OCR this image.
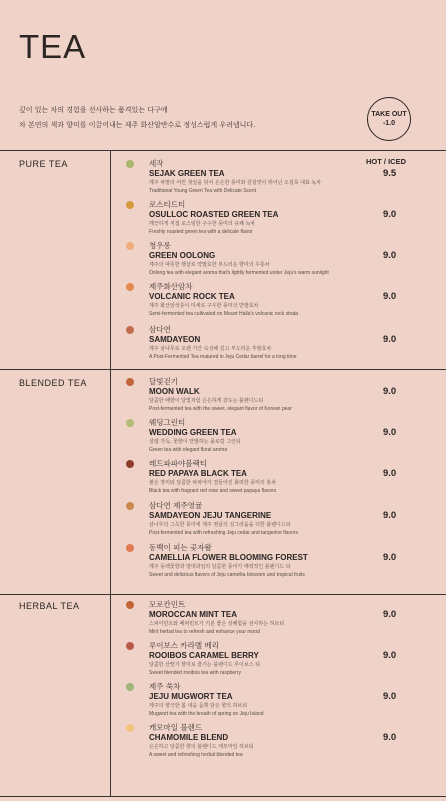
TEA
깊이 있는 차의 경험을 선사하는 품격있는 다구에
차 본연의 색과 향미를 이끌어내는 제주 화산암반수로 정성스럽게 우려냅니다.
TAKE OUT
-1.0
PURE TEA
BLENDED TEA
HERBAL TEA
HOT / ICED
세작
SEJAK GREEN TEA
제주 차밭의 어린 첫잎을 덖어 은은한 풍미와 감칠맛이 뛰어난 오설록 대표 녹차
Traditional Young Green Tea with Delicate Scent
9.5
로스티드티
OSULLOC ROASTED GREEN TEA
깨끗하게 직접 로스팅한 구수한 풍미의 유쾌 녹차
Freshly roasted green tea with a delicate flavor
9.0
청우롱
GREEN OOLONG
제주의 따뜻한 햇살로 약발효한 부드러운 향미의 우롱차
Oolong tea with elegant aroma that's lightly fermented under Jeju's warm sunlight
9.0
제주화산암차
VOLCANIC ROCK TEA
제주 화산암석층이 미세로 구우한 풍미의 반발효차
Semi-fermented tea cultivated on Mount Halla's volcanic rock strata
9.0
삼다연
SAMDAYEON
제주 삼나무로 오랜 기간 숙성해 깊고 부드러운 후발효차
A Post-Fermented Tea matured in Jeju Cedar barrel for a long time
9.0
달빛걷기
MOON WALK
달콤한 배향이 달빛처럼 은은하게 감도는 블렌디드티
Post-fermented tea with the sweet, elegant flavor of Korean pear
9.0
웨딩그린티
WEDDING GREEN TEA
설렘 가득, 꽃향이 만발하는 플로럴 그린티
Green tea with elegant floral aroma
9.0
레드파파야블랙티
RED PAPAYA BLACK TEA
붉은 장미와 달콤한 파파야가 결들어진 화려한 풍미의 홍차
Black tea with fragrant red rose and sweet papaya flavors
9.0
삼다연 제주영귤
SAMDAYEON JEJU TANGERINE
삼나무의 그윽한 풍미에 제주 영귤의 싱그러움을 더한 블렌디드티
Post-fermented tea with refreshing Jeju cedar and tangerine flavors
9.0
동백이 피는 곶자왈
CAMELLIA FLOWER BLOOMING FOREST
제주 동백꽃향과 열대과일의 달콤한 풍미가 매력적인 블렌디드 티
Sweet and delicious flavors of Jeju camellia blossom and tropical fruits
9.0
모로칸민트
MOROCCAN MINT TEA
스피아민트와 페퍼민트가 기분 좋은 상쾌함을 선사하는 허브티
Mint herbal tea to refresh and enhance your mood
9.0
루이보스 카라멜 베리
ROOIBOS CARAMEL BERRY
달콤한 산딸기 향미로 즐기는 블렌디드 루이보스 티
Sweet blended rooibos tea with raspberry
9.0
제주 쑥차
JEJU MUGWORT TEA
제주의 향긋한 봄 내음 듬뿍 담은 향의 허브티
Mugwort tea with the breath of spring on Jeju Island
9.0
캐모마일 블렌드
CHAMOMILE BLEND
은은하고 달콤한 향의 블렌디드 캐모마일 허브티
A sweet and refreshing herbal blended tea
9.0
